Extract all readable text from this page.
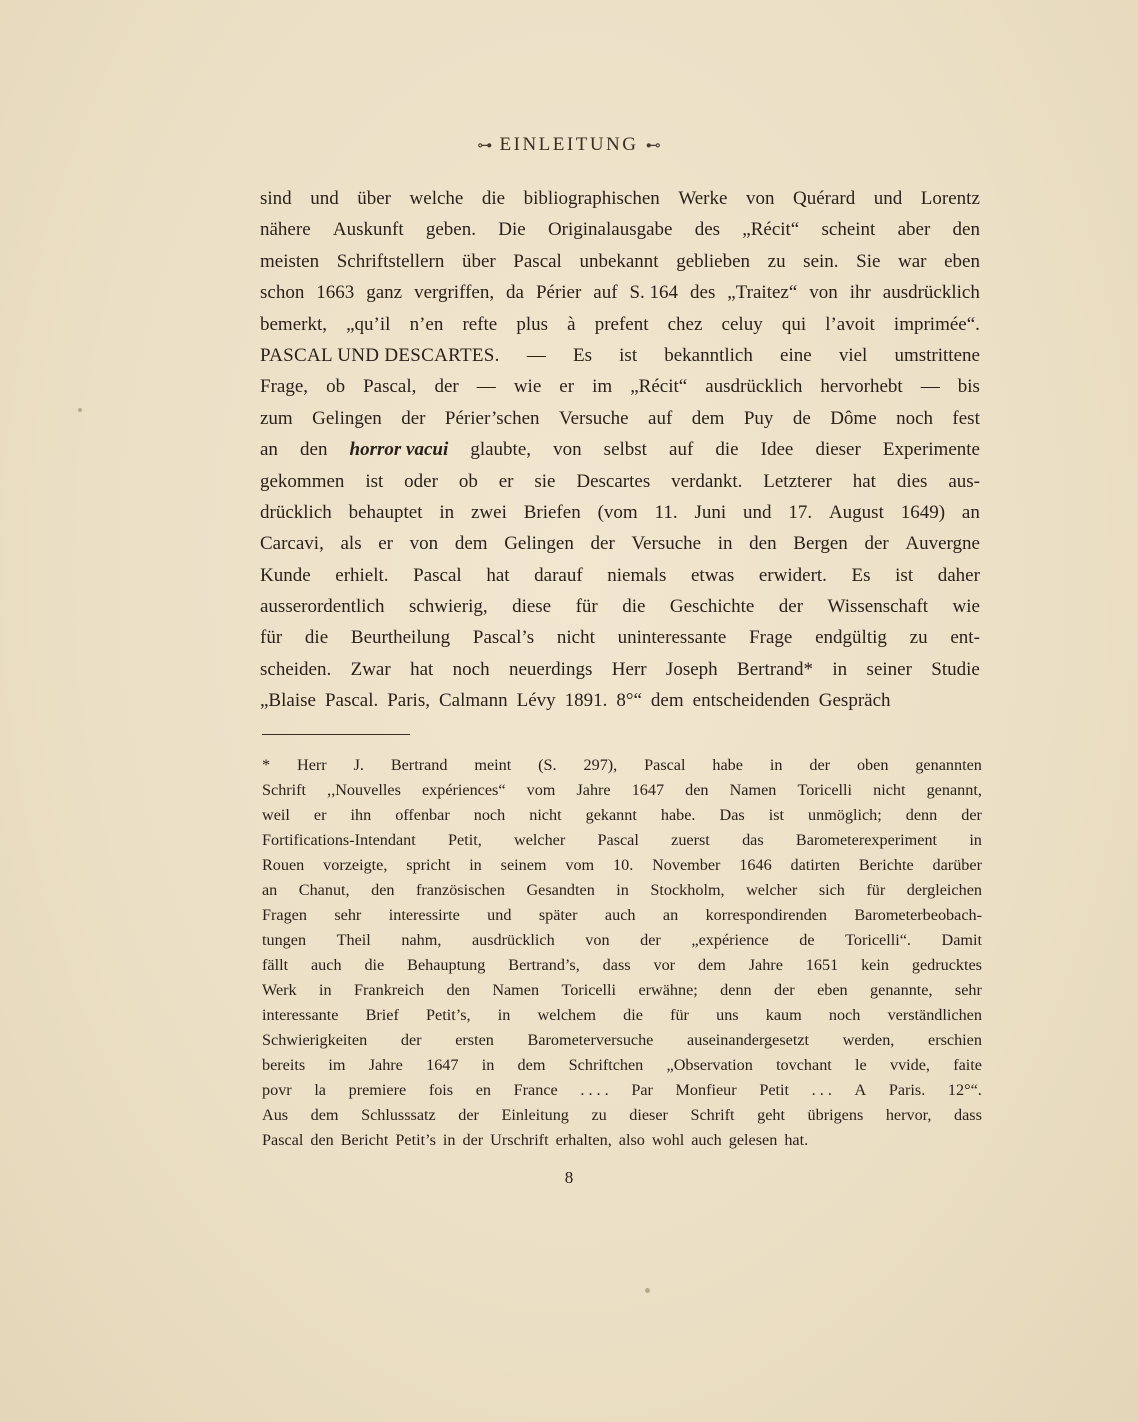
⊶ EINLEITUNG ⊷
sind und über welche die bibliographischen Werke von Quérard und Lorentz
nähere Auskunft geben. Die Originalausgabe des „Récit“ scheint aber den
meisten Schriftstellern über Pascal unbekannt geblieben zu sein. Sie war eben
schon 1663 ganz vergriffen, da Périer auf S. 164 des „Traitez“ von ihr ausdrücklich
bemerkt, „qu’il n’en refte plus à prefent chez celuy qui l’avoit imprimée“.
PASCAL UND DESCARTES. — Es ist bekanntlich eine viel umstrittene
Frage, ob Pascal, der — wie er im „Récit“ ausdrücklich hervorhebt — bis
zum Gelingen der Périer’schen Versuche auf dem Puy de Dôme noch fest
an den horror vacui glaubte, von selbst auf die Idee dieser Experimente
gekommen ist oder ob er sie Descartes verdankt. Letzterer hat dies aus-
drücklich behauptet in zwei Briefen (vom 11. Juni und 17. August 1649) an
Carcavi, als er von dem Gelingen der Versuche in den Bergen der Auvergne
Kunde erhielt. Pascal hat darauf niemals etwas erwidert. Es ist daher
ausserordentlich schwierig, diese für die Geschichte der Wissenschaft wie
für die Beurtheilung Pascal’s nicht uninteressante Frage endgültig zu ent-
scheiden. Zwar hat noch neuerdings Herr Joseph Bertrand* in seiner Studie
„Blaise Pascal. Paris, Calmann Lévy 1891. 8°“ dem entscheidenden Gespräch
* Herr J. Bertrand meint (S. 297), Pascal habe in der oben genannten
Schrift ,,Nouvelles expériences“ vom Jahre 1647 den Namen Toricelli nicht genannt,
weil er ihn offenbar noch nicht gekannt habe. Das ist unmöglich; denn der
Fortifications-Intendant Petit, welcher Pascal zuerst das Barometerexperiment in
Rouen vorzeigte, spricht in seinem vom 10. November 1646 datirten Berichte darüber
an Chanut, den französischen Gesandten in Stockholm, welcher sich für dergleichen
Fragen sehr interessirte und später auch an korrespondirenden Barometerbeobach-
tungen Theil nahm, ausdrücklich von der „expérience de Toricelli“. Damit
fällt auch die Behauptung Bertrand’s, dass vor dem Jahre 1651 kein gedrucktes
Werk in Frankreich den Namen Toricelli erwähne; denn der eben genannte, sehr
interessante Brief Petit’s, in welchem die für uns kaum noch verständlichen
Schwierigkeiten der ersten Barometerversuche auseinandergesetzt werden, erschien
bereits im Jahre 1647 in dem Schriftchen „Observation tovchant le vvide, faite
povr la premiere fois en France . . . . Par Monfieur Petit . . . A Paris. 12°“.
Aus dem Schlusssatz der Einleitung zu dieser Schrift geht übrigens hervor, dass
Pascal den Bericht Petit’s in der Urschrift erhalten, also wohl auch gelesen hat.
8
